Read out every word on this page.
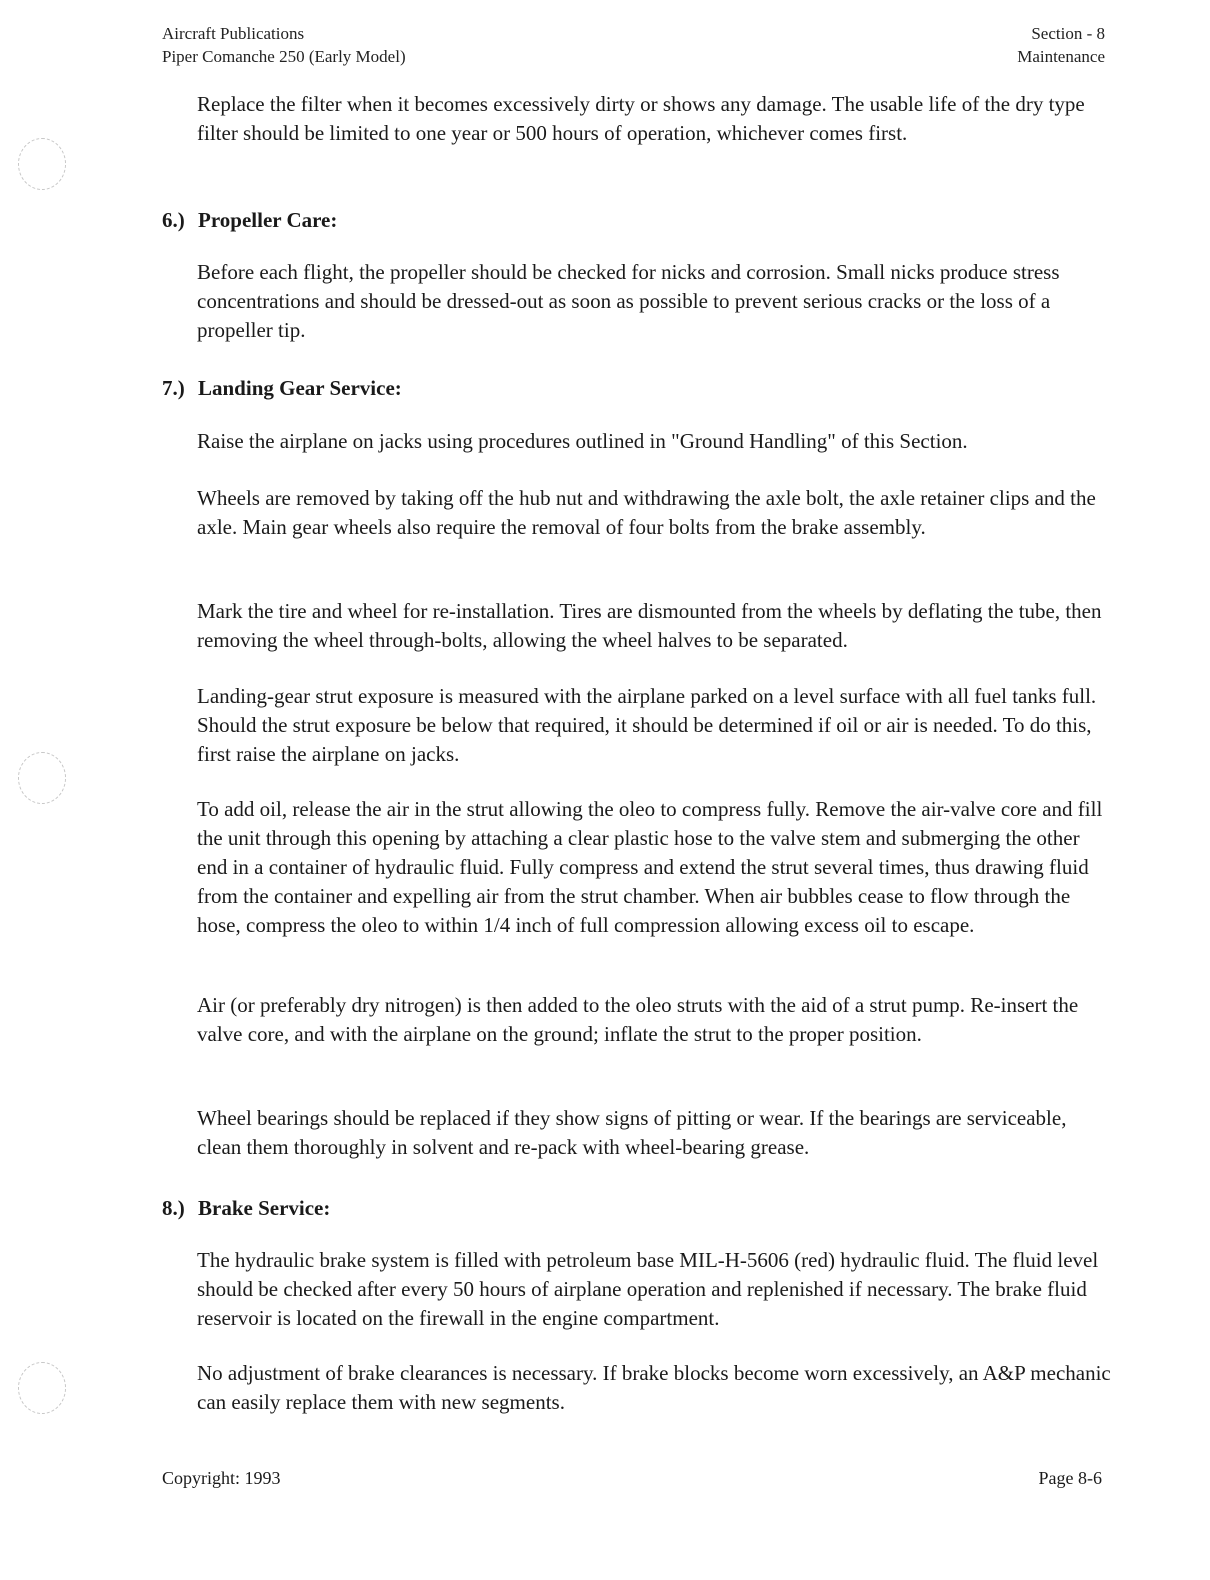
Aircraft Publications
Piper Comanche 250 (Early Model)
Section - 8
Maintenance

Replace the filter when it becomes excessively dirty or shows any damage. The usable life of the dry type filter should be limited to one year or 500 hours of operation, whichever comes first.

6.) Propeller Care:

Before each flight, the propeller should be checked for nicks and corrosion. Small nicks produce stress concentrations and should be dressed-out as soon as possible to prevent serious cracks or the loss of a propeller tip.

7.) Landing Gear Service:

Raise the airplane on jacks using procedures outlined in "Ground Handling" of this Section.

Wheels are removed by taking off the hub nut and withdrawing the axle bolt, the axle retainer clips and the axle. Main gear wheels also require the removal of four bolts from the brake assembly.

Mark the tire and wheel for re-installation. Tires are dismounted from the wheels by deflating the tube, then removing the wheel through-bolts, allowing the wheel halves to be separated.

Landing-gear strut exposure is measured with the airplane parked on a level surface with all fuel tanks full. Should the strut exposure be below that required, it should be determined if oil or air is needed. To do this, first raise the airplane on jacks.

To add oil, release the air in the strut allowing the oleo to compress fully. Remove the air-valve core and fill the unit through this opening by attaching a clear plastic hose to the valve stem and submerging the other end in a container of hydraulic fluid. Fully compress and extend the strut several times, thus drawing fluid from the container and expelling air from the strut chamber. When air bubbles cease to flow through the hose, compress the oleo to within 1/4 inch of full compression allowing excess oil to escape.

Air (or preferably dry nitrogen) is then added to the oleo struts with the aid of a strut pump. Re-insert the valve core, and with the airplane on the ground; inflate the strut to the proper position.

Wheel bearings should be replaced if they show signs of pitting or wear. If the bearings are serviceable, clean them thoroughly in solvent and re-pack with wheel-bearing grease.

8.) Brake Service:

The hydraulic brake system is filled with petroleum base MIL-H-5606 (red) hydraulic fluid. The fluid level should be checked after every 50 hours of airplane operation and replenished if necessary. The brake fluid reservoir is located on the firewall in the engine compartment.

No adjustment of brake clearances is necessary. If brake blocks become worn excessively, an A&P mechanic can easily replace them with new segments.

Copyright: 1993	Page 8-6
